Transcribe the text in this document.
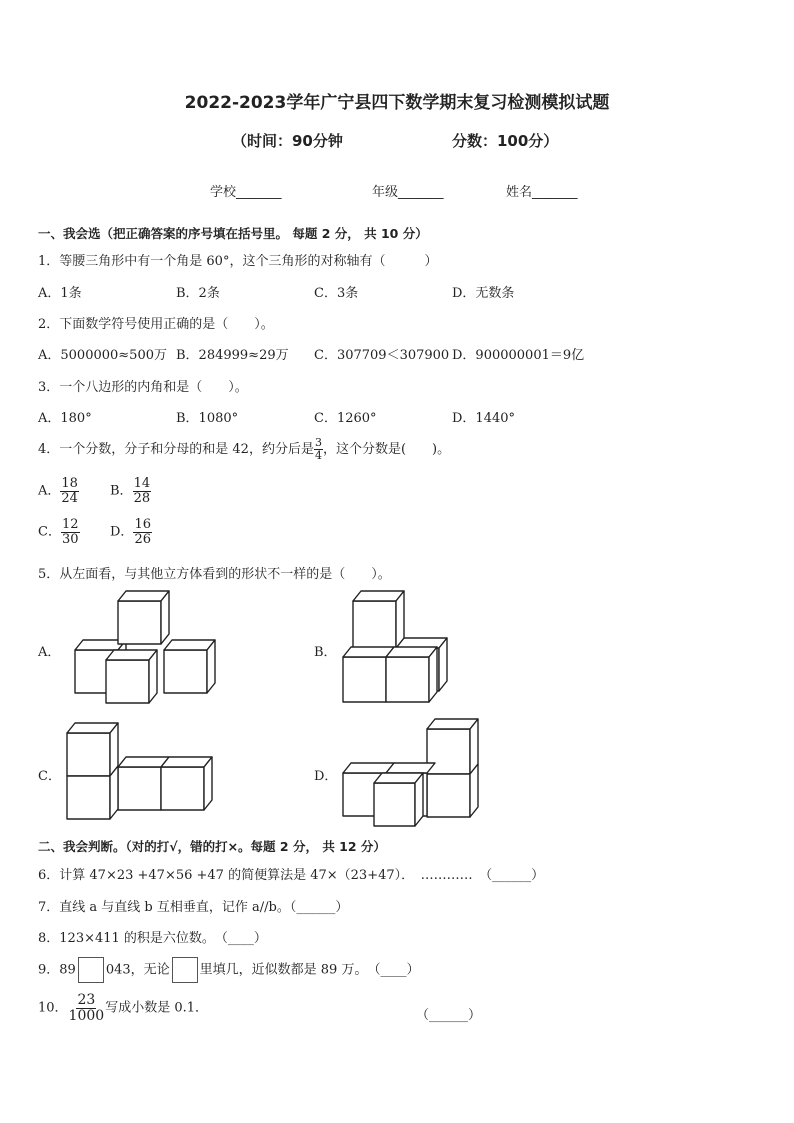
2022-2023学年广宁县四下数学期末复习检测模拟试题
（时间：90分钟	分数：100分）
学校_______	年级_______	姓名_______
一、我会选（把正确答案的序号填在括号里。 每题 2 分， 共 10 分）
1．等腰三角形中有一个角是 60°，这个三角形的对称轴有（　　　）
A．1条	B．2条	C．3条	D．无数条
2．下面数学符号使用正确的是（　　）。
A．5000000≈500万 B．284999≈29万 C．307709＜307900 D．900000001＝9亿
3．一个八边形的内角和是（　　）。
A．180°	B．1080°	C．1260°	D．1440°
4．一个分数，分子和分母的和是 42，约分后是 $\frac{3}{4}$ ，这个分数是(　　)。
A． $\frac{18}{24}$ B． $\frac{14}{28}$
C． $\frac{12}{30}$ D． $\frac{16}{26}$
5．从左面看，与其他立方体看到的形状不一样的是（　　）。
A．	B．
C．	D．
二、我会判断。（对的打√，错的打×。每题 2 分， 共 12 分）
6．计算 47×23 +47×56 +47 的简便算法是 47×（23+47）．　…………　（______）
7．直线 a 与直线 b 互相垂直，记作 a//b。（______）
8．123×411 的积是六位数。　（____）
9．89 043，无论 里填几，近似数都是 89 万。　（____）
10． $\frac{23}{1000}$ 写成小数是 0.1．	（______）
